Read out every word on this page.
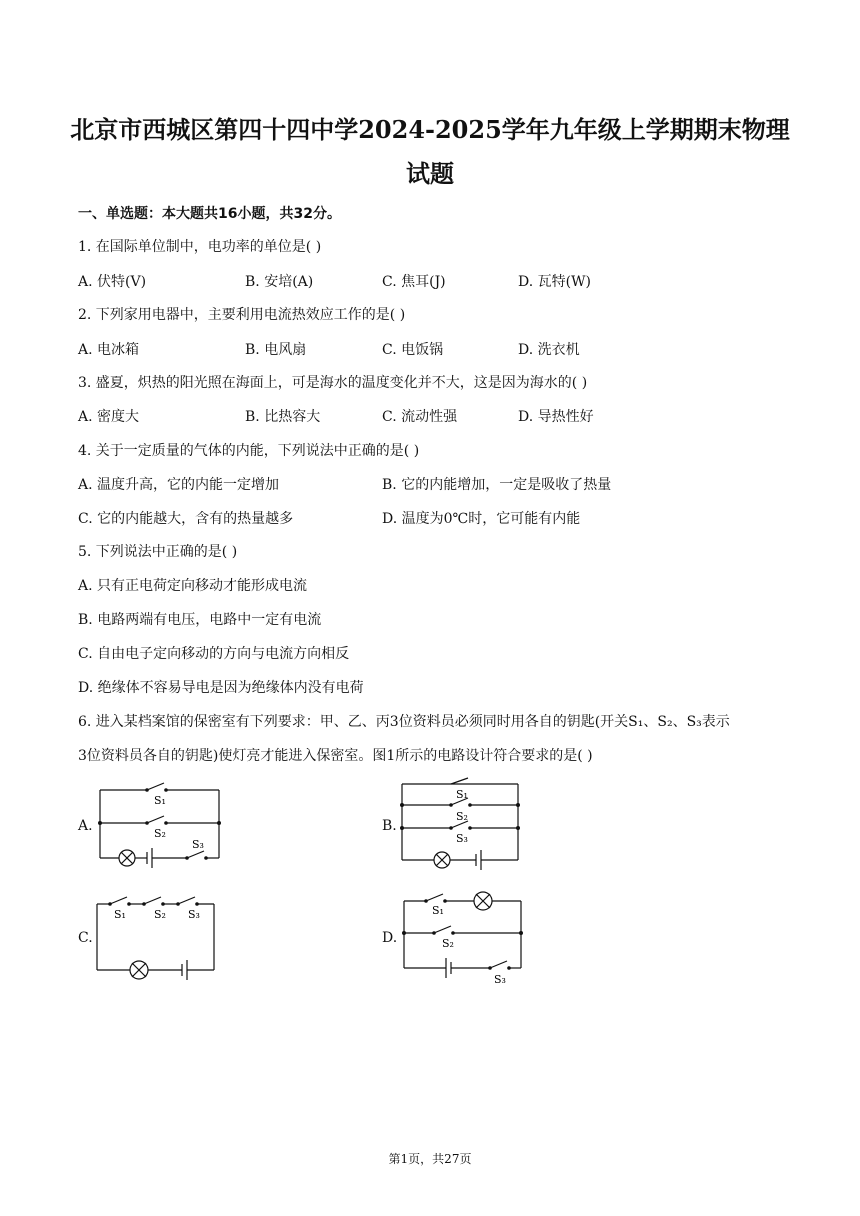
北京市西城区第四十四中学2024-2025学年九年级上学期期末物理试题
一、单选题：本大题共16小题，共32分。
1. 在国际单位制中，电功率的单位是( )
A. 伏特(V)	B. 安培(A)	C. 焦耳(J)	D. 瓦特(W)
2. 下列家用电器中，主要利用电流热效应工作的是( )
A. 电冰箱	B. 电风扇	C. 电饭锅	D. 洗衣机
3. 盛夏，炽热的阳光照在海面上，可是海水的温度变化并不大，这是因为海水的( )
A. 密度大	B. 比热容大	C. 流动性强	D. 导热性好
4. 关于一定质量的气体的内能，下列说法中正确的是( )
A. 温度升高，它的内能一定增加	B. 它的内能增加，一定是吸收了热量
C. 它的内能越大，含有的热量越多	D. 温度为0℃时，它可能有内能
5. 下列说法中正确的是( )
A. 只有正电荷定向移动才能形成电流
B. 电路两端有电压，电路中一定有电流
C. 自由电子定向移动的方向与电流方向相反
D. 绝缘体不容易导电是因为绝缘体内没有电荷
6. 进入某档案馆的保密室有下列要求：甲、乙、丙3位资料员必须同时用各自的钥匙(开关S₁、S₂、S₃表示
3位资料员各自的钥匙)使灯亮才能进入保密室。图1所示的电路设计符合要求的是( )
A.
S₁
S₂
S₃
B.
S₁
S₂
S₃
C.
S₁	S₂ S₃
D.
S₁
S₂
S₃
第1页，共27页
